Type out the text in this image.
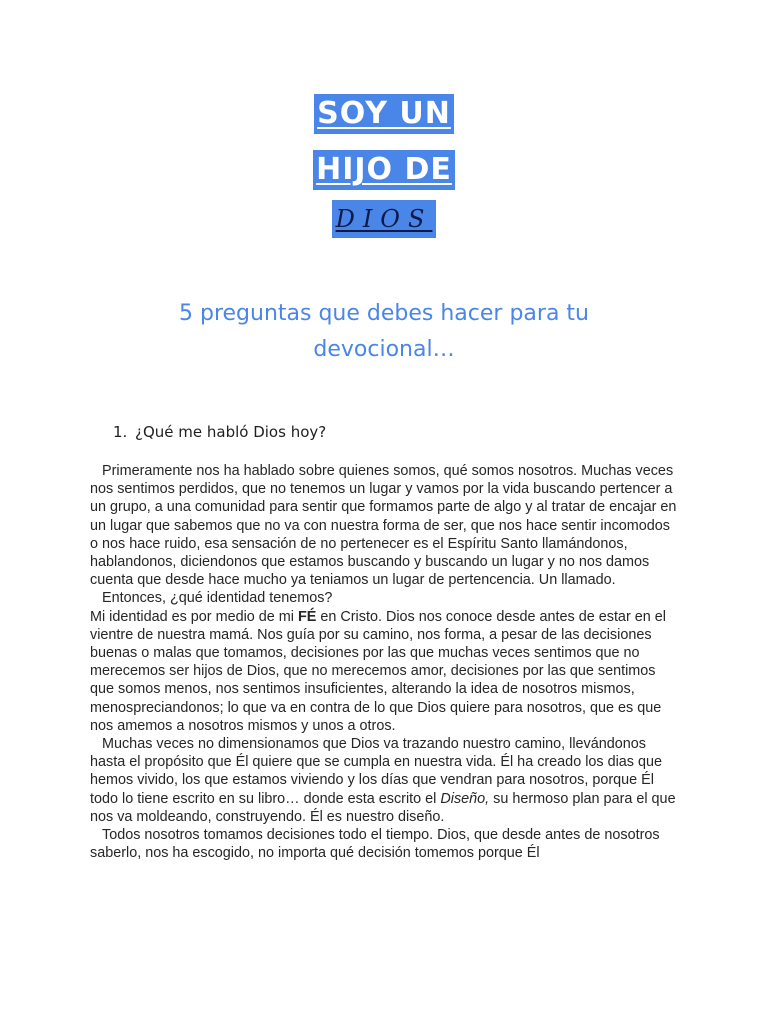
SOY UN
HIJO DE
DIOS
5 preguntas que debes hacer para tu devocional…
1. ¿Qué me habló Dios hoy?

Primeramente nos ha hablado sobre quienes somos, qué somos nosotros. Muchas veces nos sentimos perdidos, que no tenemos un lugar y vamos por la vida buscando pertencer a un grupo, a una comunidad para sentir que formamos parte de algo y al tratar de encajar en un lugar que sabemos que no va con nuestra forma de ser, que nos hace sentir incomodos o nos hace ruido, esa sensación de no pertenecer es el Espíritu Santo llamándonos, hablandonos, diciendonos que estamos buscando y buscando un lugar y no nos damos cuenta que desde hace mucho ya teniamos un lugar de pertencencia. Un llamado.

Entonces, ¿qué identidad tenemos?

Mi identidad es por medio de mi FÉ en Cristo. Dios nos conoce desde antes de estar en el vientre de nuestra mamá. Nos guía por su camino, nos forma, a pesar de las decisiones buenas o malas que tomamos, decisiones por las que muchas veces sentimos que no merecemos ser hijos de Dios, que no merecemos amor, decisiones por las que sentimos que somos menos, nos sentimos insuficientes, alterando la idea de nosotros mismos, menospreciandonos; lo que va en contra de lo que Dios quiere para nosotros, que es que nos amemos a nosotros mismos y unos a otros.

Muchas veces no dimensionamos que Dios va trazando nuestro camino, llevándonos hasta el propósito que Él quiere que se cumpla en nuestra vida. Él ha creado los dias que hemos vivido, los que estamos viviendo y los días que vendran para nosotros, porque Él todo lo tiene escrito en su libro… donde esta escrito el Diseño, su hermoso plan para el que nos va moldeando, construyendo. Él es nuestro diseño.

Todos nosotros tomamos decisiones todo el tiempo. Dios, que desde antes de nosotros saberlo, nos ha escogido, no importa qué decisión tomemos porque Él
